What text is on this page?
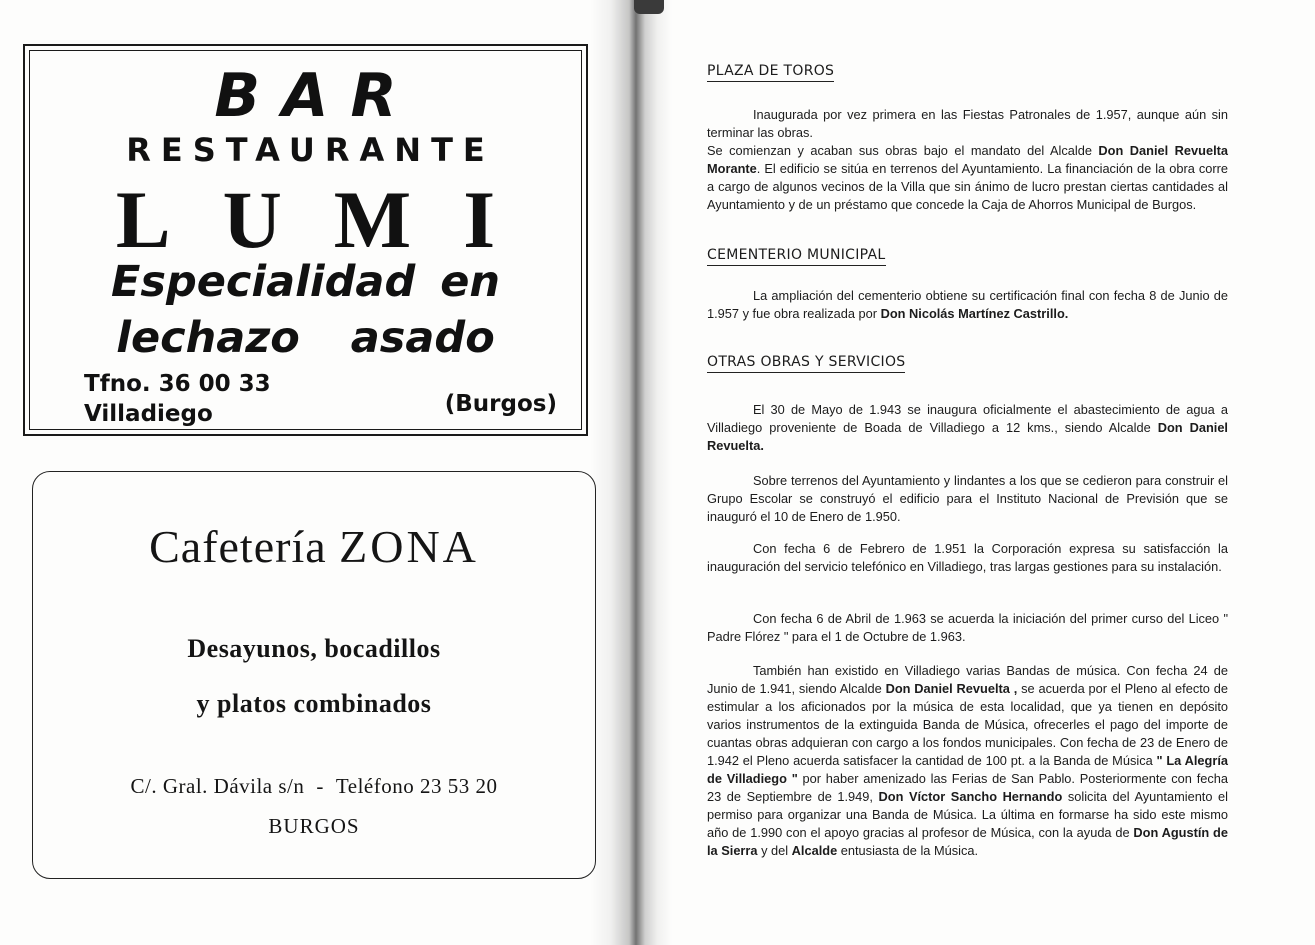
BAR
RESTAURANTE
LUMI
Especialidad en
lechazo asado
Tfno. 36 00 33
Villadiego	(Burgos)
Cafetería ZONA
Desayunos, bocadillos
y platos combinados
C/. Gral. Dávila s/n - Teléfono 23 53 20
BURGOS
PLAZA DE TOROS
Inaugurada por vez primera en las Fiestas Patronales de 1.957, aunque aún sin terminar las obras.
Se comienzan y acaban sus obras bajo el mandato del Alcalde Don Daniel Revuelta Morante. El edificio se sitúa en terrenos del Ayuntamiento. La financiación de la obra corre a cargo de algunos vecinos de la Villa que sin ánimo de lucro prestan ciertas cantidades al Ayuntamiento y de un préstamo que concede la Caja de Ahorros Municipal de Burgos.
CEMENTERIO MUNICIPAL
La ampliación del cementerio obtiene su certificación final con fecha 8 de Junio de 1.957 y fue obra realizada por Don Nicolás Martínez Castrillo.
OTRAS OBRAS Y SERVICIOS
El 30 de Mayo de 1.943 se inaugura oficialmente el abastecimiento de agua a Villadiego proveniente de Boada de Villadiego a 12 kms., siendo Alcalde Don Daniel Revuelta.
Sobre terrenos del Ayuntamiento y lindantes a los que se cedieron para construir el Grupo Escolar se construyó el edificio para el Instituto Nacional de Previsión que se inauguró el 10 de Enero de 1.950.
Con fecha 6 de Febrero de 1.951 la Corporación expresa su satisfacción la inauguración del servicio telefónico en Villadiego, tras largas gestiones para su instalación.
Con fecha 6 de Abril de 1.963 se acuerda la iniciación del primer curso del Liceo " Padre Flórez " para el 1 de Octubre de 1.963.
También han existido en Villadiego varias Bandas de música. Con fecha 24 de Junio de 1.941, siendo Alcalde Don Daniel Revuelta , se acuerda por el Pleno al efecto de estimular a los aficionados por la música de esta localidad, que ya tienen en depósito varios instrumentos de la extinguida Banda de Música, ofrecerles el pago del importe de cuantas obras adquieran con cargo a los fondos municipales. Con fecha de 23 de Enero de 1.942 el Pleno acuerda satisfacer la cantidad de 100 pt. a la Banda de Música " La Alegría de Villadiego " por haber amenizado las Ferias de San Pablo. Posteriormente con fecha 23 de Septiembre de 1.949, Don Víctor Sancho Hernando solicita del Ayuntamiento el permiso para organizar una Banda de Música. La última en formarse ha sido este mismo año de 1.990 con el apoyo gracias al profesor de Música, con la ayuda de Don Agustín de la Sierra y del Alcalde entusiasta de la Música.
